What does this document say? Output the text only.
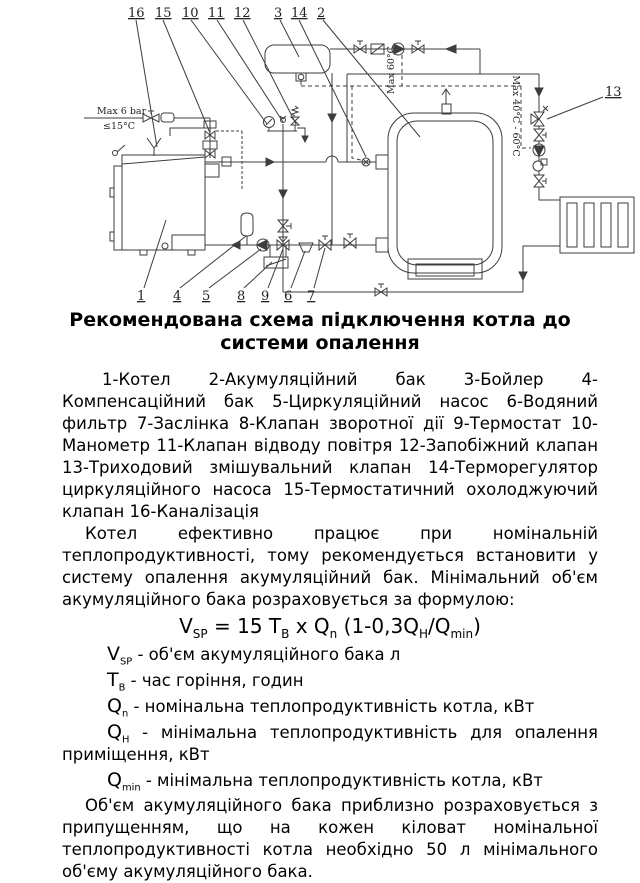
16 15 10 11 12 3 14 2
13
1 4 5 8 9 6 7
Max 6 bar
≤15°C
Max 60°C
Max 40°C - 60°C
Рекомендована схема підключення котла до
системи опалення

1-Котел 2-Акумуляційний бак 3-Бойлер 4-Компенсаційний бак 5-Циркуляційний насос 6-Водяний фильтр 7-Заслінка 8-Клапан зворотної дії 9-Термостат 10-Манометр 11-Клапан відводу повітря 12-Запобіжний клапан 13-Триходовий змішувальний клапан 14-Терморегулятор циркуляційного насоса 15-Термостатичний охолоджуючий клапан 16-Каналізація

Котел ефективно працює при номінальній теплопродуктивності, тому рекомендується встановити у систему опалення акумуляційний бак. Мінімальний об'єм акумуляційного бака розраховується за формулою:

$V_{SP} = 15$ $T_В$ x $Q_n$ $(1-0,3Q_Н/Q_{min})$

$V_{SP} - об'єм$ акумуляційного бака л

$T_В$ - час горіння, годин

$Q_n$ - номінальна теплопродуктивність котла, кВт

$Q_Н$ - мінімальна теплопродуктивність для опалення приміщення, кВт

$Q_{min}$ - мінімальна теплопродуктивність котла, кВт

Об'єм акумуляційного бака приблизно розраховується з припущенням, що на кожен кіловат номінальної теплопродуктивності котла необхідно 50 л мінімального об'єму акумуляційного бака.
